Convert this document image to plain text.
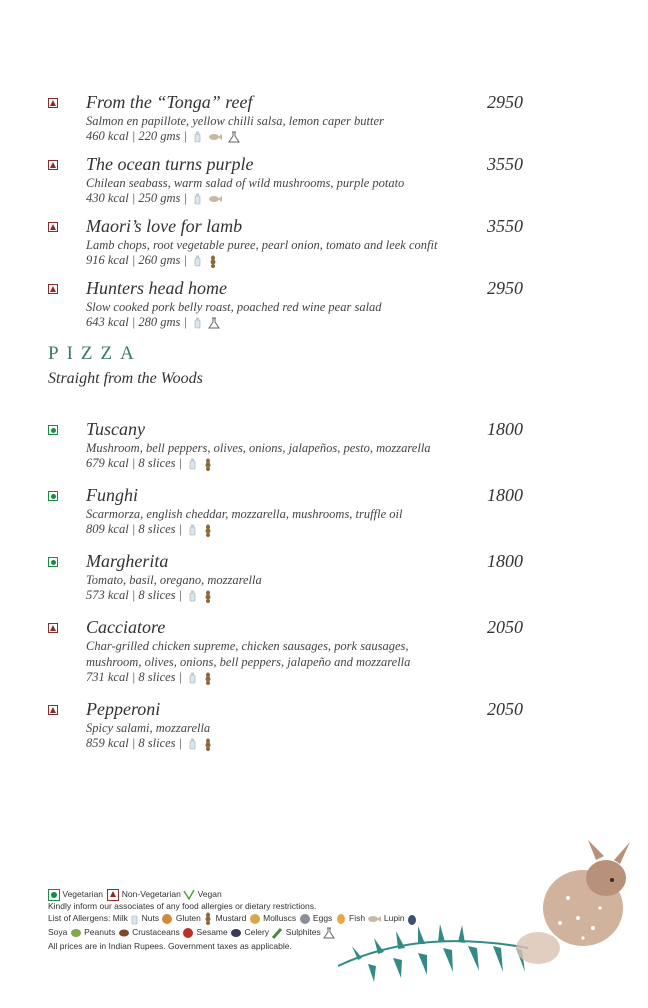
From the “Tonga” reef	2950
Salmon en papillote, yellow chilli salsa, lemon caper butter
460 kcal | 220 gms |
The ocean turns purple	3550
Chilean seabass, warm salad of wild mushrooms, purple potato
430 kcal | 250 gms |
Maori’s love for lamb	3550
Lamb chops, root vegetable puree, pearl onion, tomato and leek confit
916 kcal | 260 gms |
Hunters head home	2950
Slow cooked pork belly roast, poached red wine pear salad
643 kcal | 280 gms |
PIZZA
Straight from the Woods
Tuscany	1800
Mushroom, bell peppers, olives, onions, jalapeños, pesto, mozzarella
679 kcal | 8 slices |
Funghi	1800
Scarmorza, english cheddar, mozzarella, mushrooms, truffle oil
809 kcal | 8 slices |
Margherita	1800
Tomato, basil, oregano, mozzarella
573 kcal | 8 slices |
Cacciatore	2050
Char-grilled chicken supreme, chicken sausages, pork sausages, mushroom, olives, onions, bell peppers, jalapeño and mozzarella
731 kcal | 8 slices |
Pepperoni	2050
Spicy salami, mozzarella
859 kcal | 8 slices |
Vegetarian Non-Vegetarian Vegan
Kindly inform our associates of any food allergies or dietary restrictions.
List of Allergens: Milk Nuts Gluten Mustard Molluscs Eggs Fish Lupin
Soya Peanuts Crustaceans Sesame Celery Sulphites
All prices are in Indian Rupees. Government taxes as applicable.
